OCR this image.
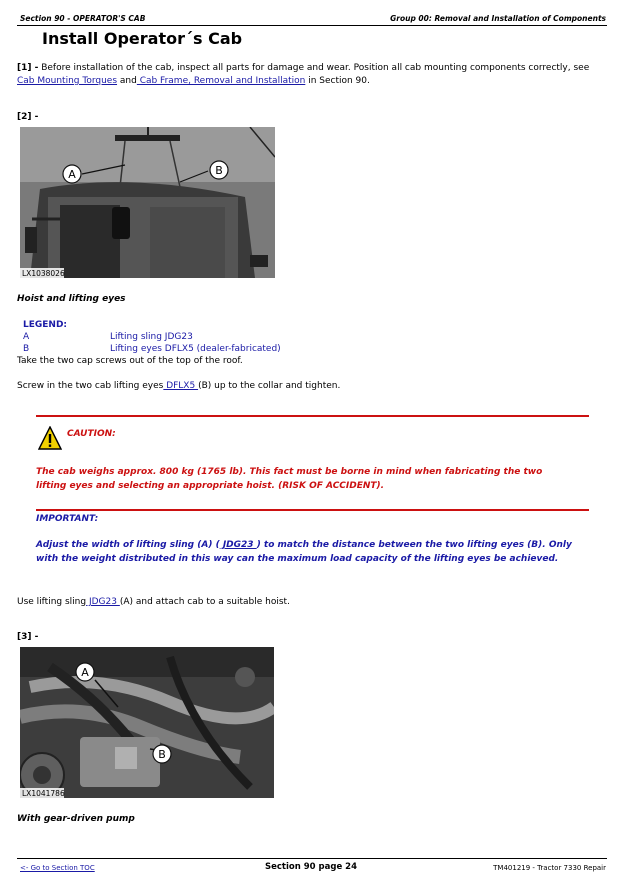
Section 90 - OPERATOR'S CAB	Group 00: Removal and Installation of Components
Install Operator´s Cab
[1] - Before installation of the cab, inspect all parts for damage and wear. Position all cab mounting components correctly, see
Cab Mounting Torques and Cab Frame, Removal and Installation in Section 90.
[2] -
A	B
LX1038026
Hoist and lifting eyes
LEGEND:
A	Lifting sling JDG23
B	Lifting eyes DFLX5 (dealer-fabricated)
Take the two cap screws out of the top of the roof.
Screw in the two cab lifting eyes DFLX5 (B) up to the collar and tighten.
CAUTION:
The cab weighs approx. 800 kg (1765 lb). This fact must be borne in mind when fabricating the two
lifting eyes and selecting an appropriate hoist. (RISK OF ACCIDENT).
IMPORTANT:
Adjust the width of lifting sling (A) ( JDG23 ) to match the distance between the two lifting eyes (B). Only
with the weight distributed in this way can the maximum load capacity of the lifting eyes be achieved.
Use lifting sling JDG23 (A) and attach cab to a suitable hoist.
[3] -
A
B
LX1041786
With gear-driven pump
<- Go to Section TOC	Section 90 page 24	TM401219 - Tractor 7330 Repair
